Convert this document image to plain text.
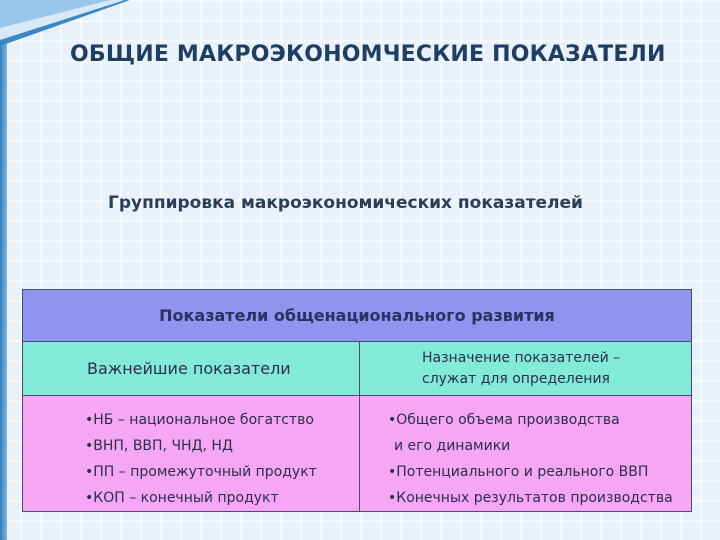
ОБЩИЕ МАКРОЭКОНОМЧЕСКИЕ ПОКАЗАТЕЛИ
Группировка макроэкономических показателей
Показатели общенационального развития
Важнейшие показатели
Назначение показателей –
служат для определения
•НБ – национальное богатство
•ВНП, ВВП, ЧНД, НД
•ПП – промежуточный продукт
•КОП – конечный продукт
•Общего объема производства
и его динамики
•Потенциального и реального ВВП
•Конечных результатов производства
